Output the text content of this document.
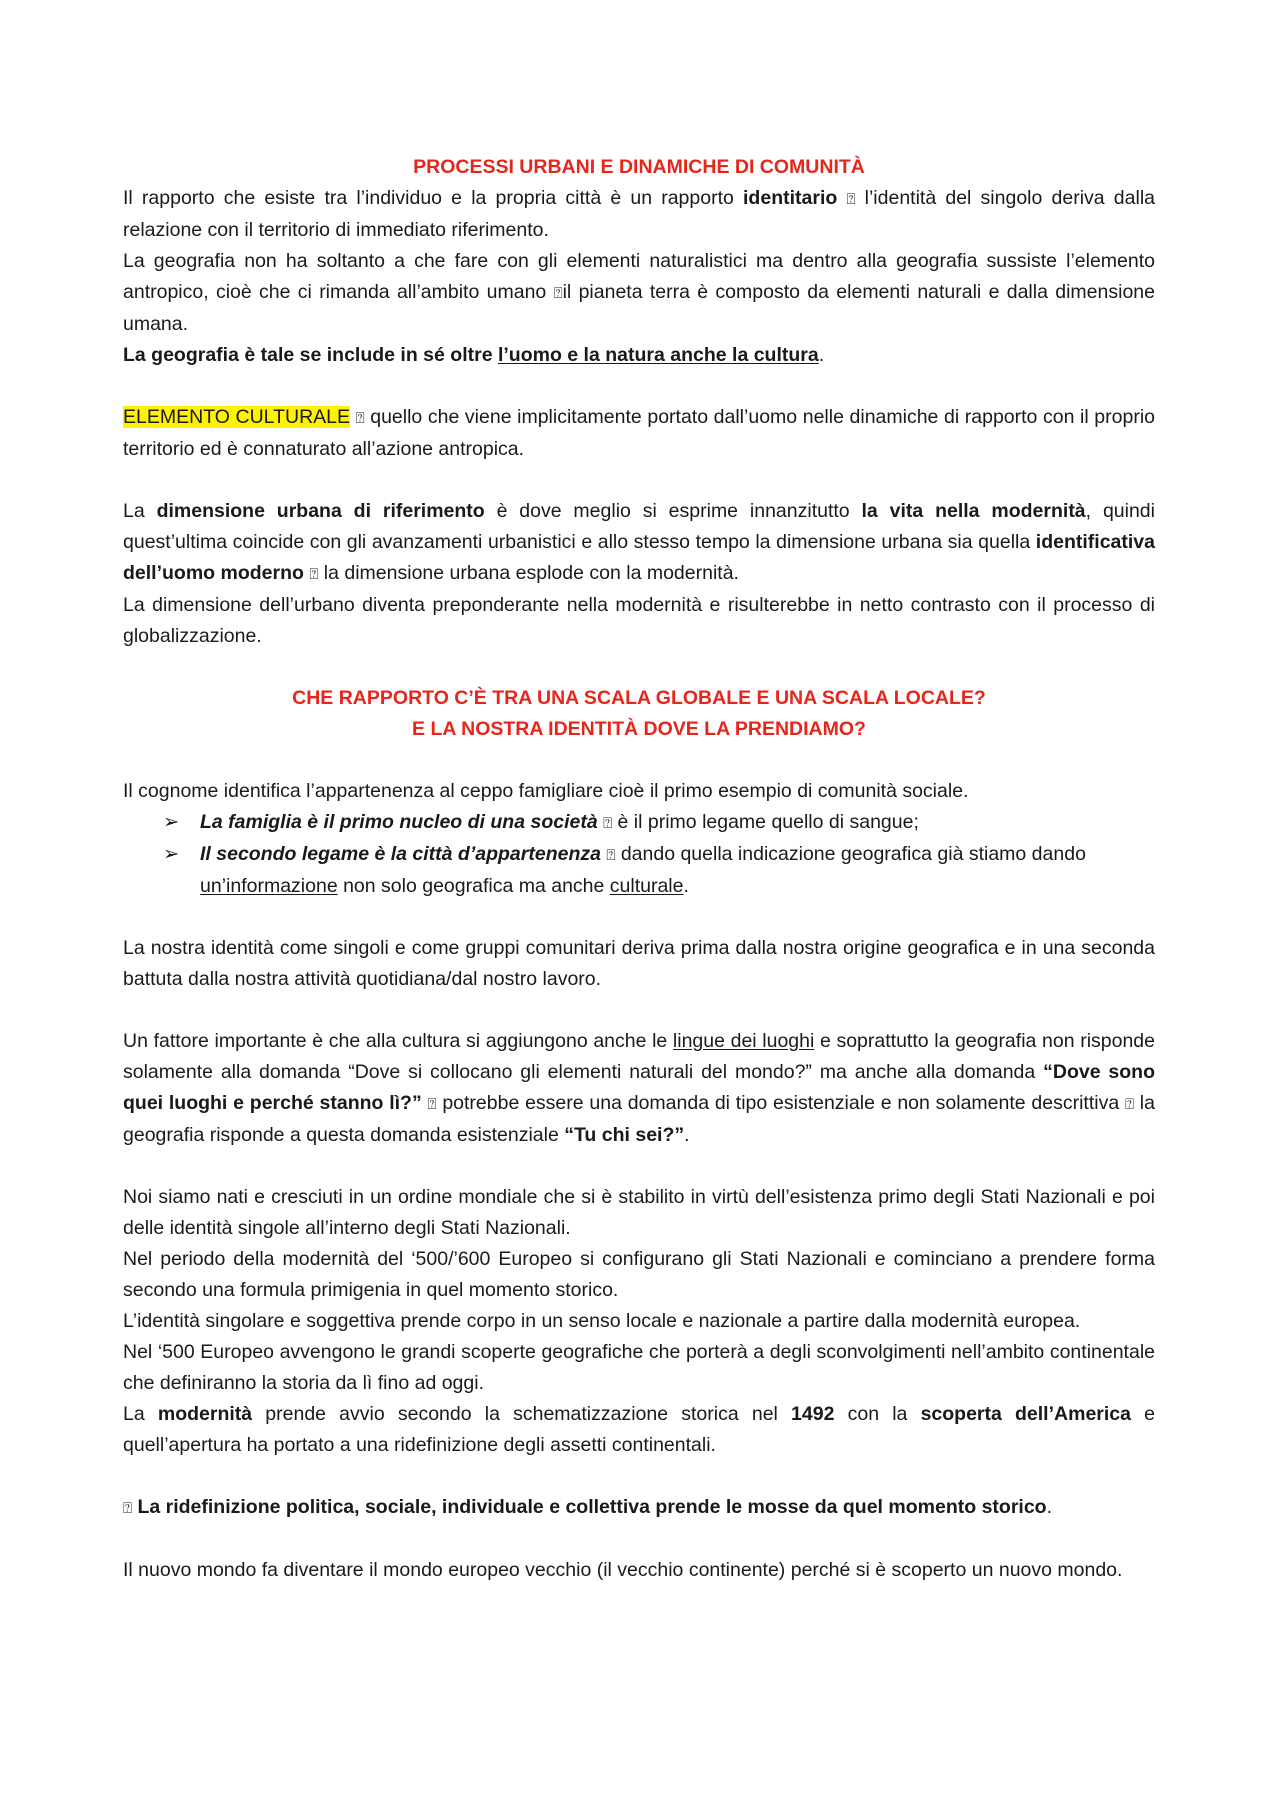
PROCESSI URBANI E DINAMICHE DI COMUNITÀ

Il rapporto che esiste tra l’individuo e la propria città è un rapporto identitario ⍰ l’identità del singolo deriva dalla relazione con il territorio di immediato riferimento.

La geografia non ha soltanto a che fare con gli elementi naturalistici ma dentro alla geografia sussiste l’elemento antropico, cioè che ci rimanda all’ambito umano ⍰il pianeta terra è composto da elementi naturali e dalla dimensione umana.

La geografia è tale se include in sé oltre l’uomo e la natura anche la cultura.

ELEMENTO CULTURALE ⍰ quello che viene implicitamente portato dall’uomo nelle dinamiche di rapporto con il proprio territorio ed è connaturato all’azione antropica.

La dimensione urbana di riferimento è dove meglio si esprime innanzitutto la vita nella modernità, quindi quest’ultima coincide con gli avanzamenti urbanistici e allo stesso tempo la dimensione urbana sia quella identificativa dell’uomo moderno ⍰ la dimensione urbana esplode con la modernità.

La dimensione dell’urbano diventa preponderante nella modernità e risulterebbe in netto contrasto con il processo di globalizzazione.

CHE RAPPORTO C’È TRA UNA SCALA GLOBALE E UNA SCALA LOCALE?

E LA NOSTRA IDENTITÀ DOVE LA PRENDIAMO?

Il cognome identifica l’appartenenza al ceppo famigliare cioè il primo esempio di comunità sociale.

➢ La famiglia è il primo nucleo di una società ⍰ è il primo legame quello di sangue;
➢ Il secondo legame è la città d’appartenenza ⍰ dando quella indicazione geografica già stiamo dando un’informazione non solo geografica ma anche culturale.

La nostra identità come singoli e come gruppi comunitari deriva prima dalla nostra origine geografica e in una seconda battuta dalla nostra attività quotidiana/dal nostro lavoro.

Un fattore importante è che alla cultura si aggiungono anche le lingue dei luoghi e soprattutto la geografia non risponde solamente alla domanda “Dove si collocano gli elementi naturali del mondo?” ma anche alla domanda “Dove sono quei luoghi e perché stanno lì?” ⍰ potrebbe essere una domanda di tipo esistenziale e non solamente descrittiva ⍰ la geografia risponde a questa domanda esistenziale “Tu chi sei?”.

Noi siamo nati e cresciuti in un ordine mondiale che si è stabilito in virtù dell’esistenza primo degli Stati Nazionali e poi delle identità singole all’interno degli Stati Nazionali.

Nel periodo della modernità del ‘500/’600 Europeo si configurano gli Stati Nazionali e cominciano a prendere forma secondo una formula primigenia in quel momento storico.

L’identità singolare e soggettiva prende corpo in un senso locale e nazionale a partire dalla modernità europea.

Nel ‘500 Europeo avvengono le grandi scoperte geografiche che porterà a degli sconvolgimenti nell’ambito continentale che definiranno la storia da lì fino ad oggi.

La modernità prende avvio secondo la schematizzazione storica nel 1492 con la scoperta dell’America e quell’apertura ha portato a una ridefinizione degli assetti continentali.

⍰ La ridefinizione politica, sociale, individuale e collettiva prende le mosse da quel momento storico.

Il nuovo mondo fa diventare il mondo europeo vecchio (il vecchio continente) perché si è scoperto un nuovo mondo.
